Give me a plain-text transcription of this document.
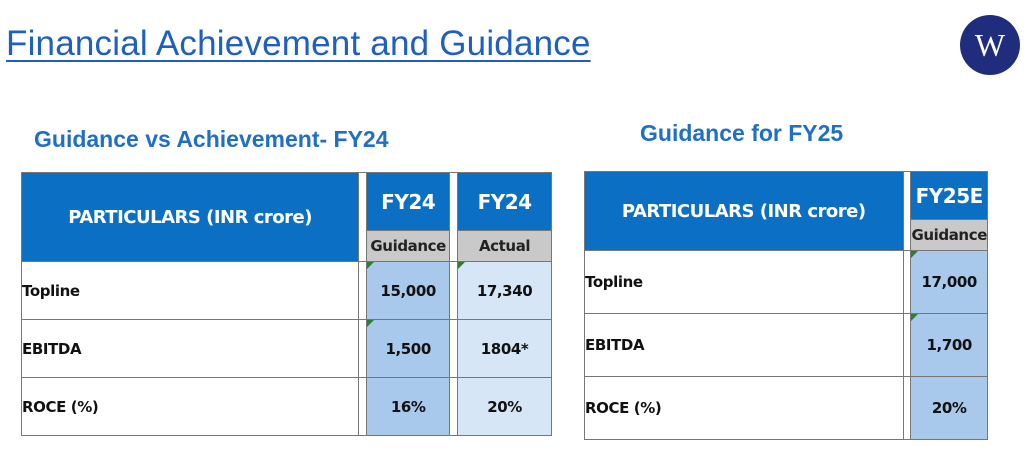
Financial Achievement and Guidance	W
Guidance vs Achievement- FY24	Guidance for FY25
PARTICULARS (INR crore)		FY24		FY24
		Guidance		Actual
Topline		15,000		17,340
EBITDA		1,500		1804*
ROCE (%)		16%		20%
PARTICULARS (INR crore)		FY25E
		Guidance
Topline		17,000
EBITDA		1,700
ROCE (%)		20%
